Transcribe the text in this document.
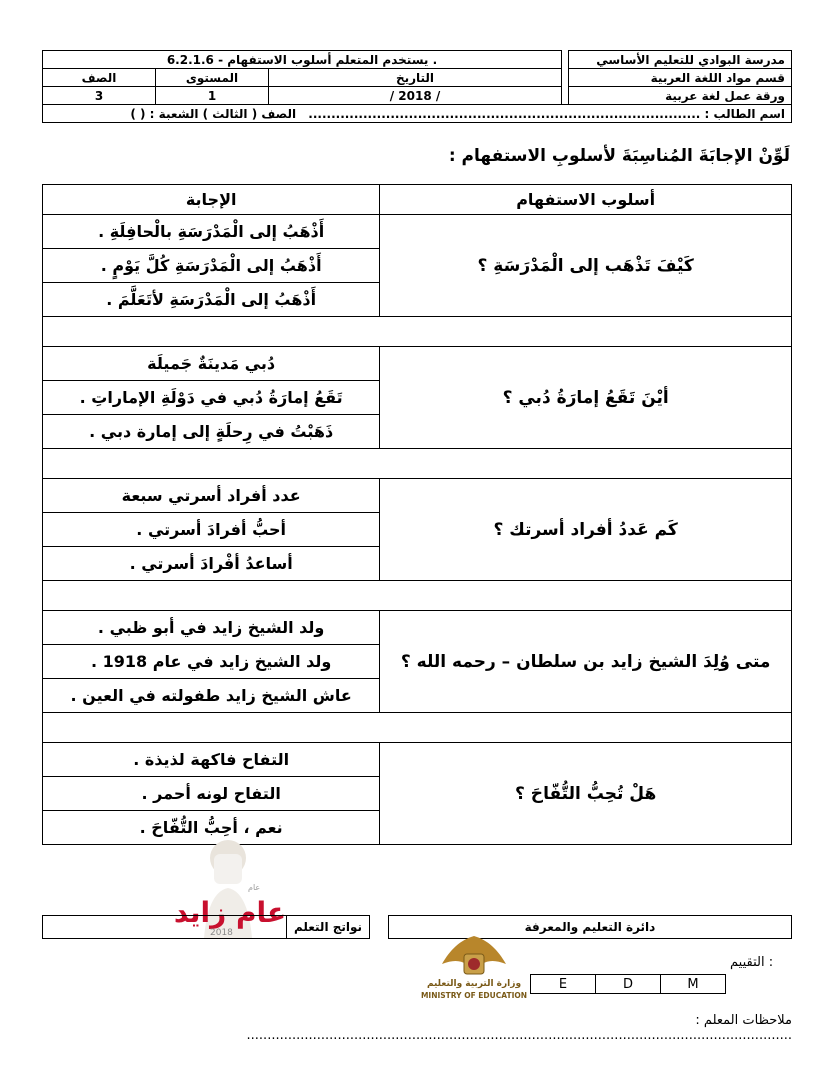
6.2.1.6 - يستخدم المتعلم أسلوب الاستفهام .				مدرسة البوادي للتعليم الأساسي
الصف	المستوى	التاريخ		قسم مواد اللغة العربية
3	1	/ 2018 /		ورقة عمل لغة عربية
اسم الطالب : ...................................................................................... الصف ( الثالث ) الشعبة : ( )				
لَوِّنْ الإجابَةَ المُناسِبَةَ لأسلوبِ الاستفهام :
أسلوب الاستفهام	الإجابة
كَيْفَ تَذْهَب إلى الْمَدْرَسَةِ ؟	أَذْهَبُ إلى الْمَدْرَسَةِ بالْحافِلَةِ .
	أَذْهَبُ إلى الْمَدْرَسَةِ كُلَّ يَوْمٍ .
	أَذْهَبُ إلى الْمَدْرَسَةِ لأتَعَلَّمَ .

أيْنَ تَقَعُ إمارَةُ دُبي ؟	دُبي مَدينَةٌ جَميلَة
	تَقَعُ إمارَةُ دُبي في دَوْلَةِ الإماراتِ .
	ذَهَبْتُ في رِحلَةٍ إلى إمارة دبي .

كَم عَددُ أفراد أسرتك ؟	عدد أفراد أسرتي سبعة
	أحبُّ أفرادَ أسرتي .
	أساعدُ أفْرادَ أسرتي .

متى وُلِدَ الشيخ زايد بن سلطان – رحمه الله ؟	ولد الشيخ زايد في أبو ظبي .
	ولد الشيخ زايد في عام 1918 .
	عاش الشيخ زايد طفولته في العين .

هَلْ تُحِبُّ التُّفّاحَ ؟	التفاح فاكهة لذيذة .
	التفاح لونه أحمر .
	نعم ، أحِبُّ التُّفّاحَ .
عام
عام زايد
2018	دائرة التعليم والمعرفة		نواتج التعلم	
وزارة التربية والتعليم
MINISTRY OF EDUCATION
التقييم :
E	D	M
ملاحظات المعلم : ....................................................................................................................................
